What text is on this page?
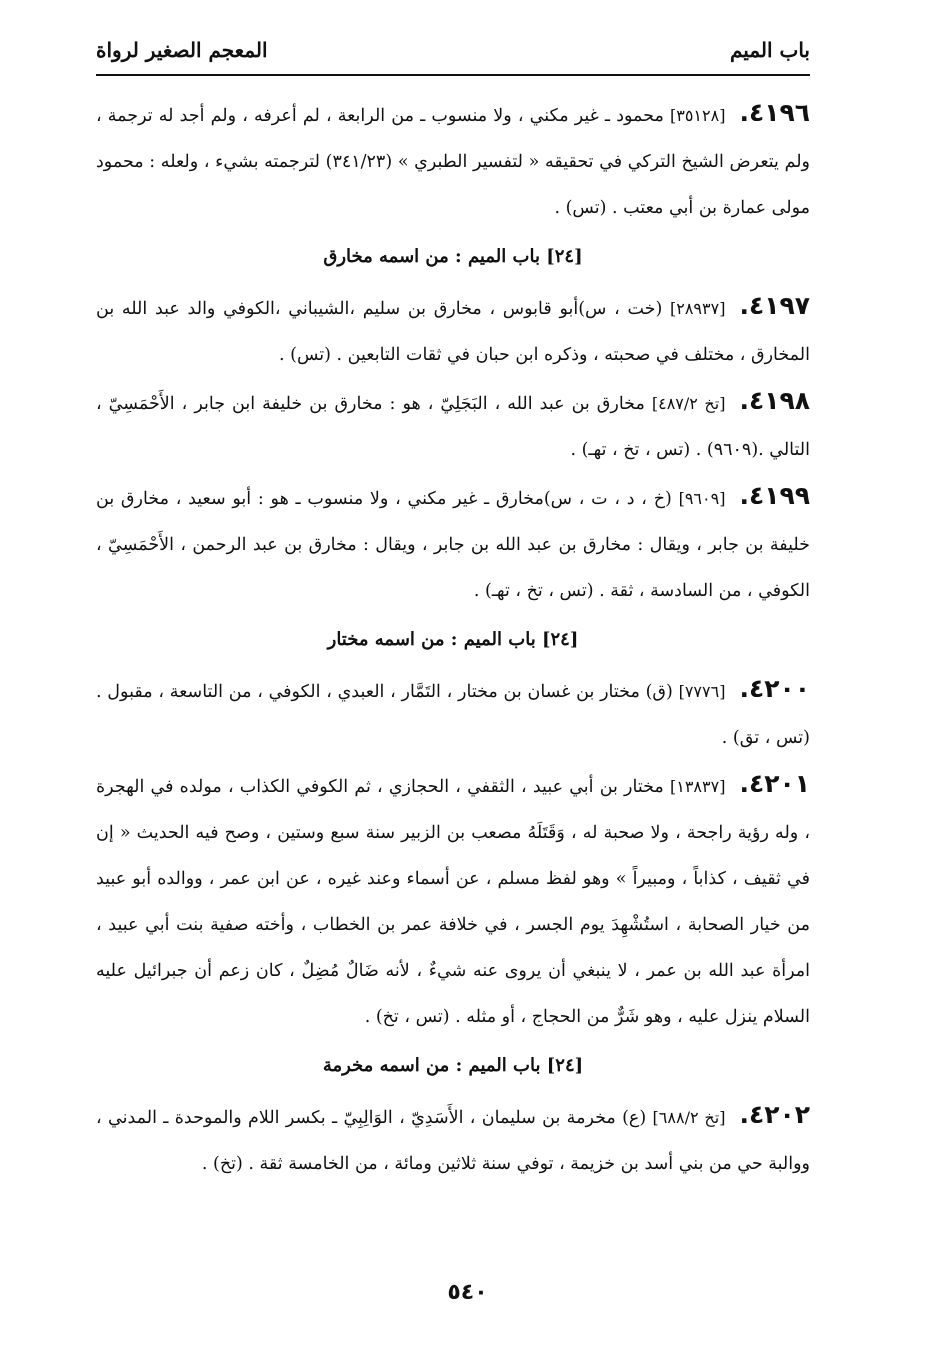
باب الميم
المعجم الصغير لرواة

٤١٩٦.[٣٥١٢٨] محمود ـ غير مكني ، ولا منسوب ـ من الرابعة ، لم أعرفه ، ولم أجد له ترجمة ، ولم يتعرض الشيخ التركي في تحقيقه « لتفسير الطبري » (٣٤١/٢٣) لترجمته بشيء ، ولعله : محمود مولى عمارة بن أبي معتب . (تس) .

[٢٤] باب الميم : من اسمه مخارق

٤١٩٧.[٢٨٩٣٧] (خت ، س)أبو قابوس ، مخارق بن سليم ،الشيباني ،الكوفي والد عبد الله بن المخارق ، مختلف في صحبته ، وذكره ابن حبان في ثقات التابعين . (تس) .

٤١٩٨.[تخ ٤٨٧/٢] مخارق بن عبد الله ، البَجَلِيّ ، هو : مخارق بن خليفة ابن جابر ، الأَحْمَسِيّ ، التالي .(٩٦٠٩) . (تس ، تخ ، تهـ) .

٤١٩٩.[٩٦٠٩] (خ ، د ، ت ، س)مخارق ـ غير مكني ، ولا منسوب ـ هو : أبو سعيد ، مخارق بن خليفة بن جابر ، ويقال : مخارق بن عبد الله بن جابر ، ويقال : مخارق بن عبد الرحمن ، الأَحْمَسِيّ ، الكوفي ، من السادسة ، ثقة . (تس ، تخ ، تهـ) .

[٢٤] باب الميم : من اسمه مختار

٤٢٠٠.[٧٧٧٦] (ق) مختار بن غسان بن مختار ، التَمَّار ، العبدي ، الكوفي ، من التاسعة ، مقبول . (تس ، تق) .

٤٢٠١.[١٣٨٣٧] مختار بن أبي عبيد ، الثقفي ، الحجازي ، ثم الكوفي الكذاب ، مولده في الهجرة ، وله رؤية راجحة ، ولا صحبة له ، وَقَتَلَهُ مصعب بن الزبير سنة سبع وستين ، وصح فيه الحديث « إن في ثقيف ، كذاباً ، ومبيراً » وهو لفظ مسلم ، عن أسماء وعند غيره ، عن ابن عمر ، ووالده أبو عبيد من خيار الصحابة ، استُشْهِدَ يوم الجسر ، في خلافة عمر بن الخطاب ، وأخته صفية بنت أبي عبيد ، امرأة عبد الله بن عمر ، لا ينبغي أن يروى عنه شيءٌ ، لأنه ضَالٌ مُضِلٌ ، كان زعم أن جبرائيل عليه السلام ينزل عليه ، وهو شَرٌّ من الحجاج ، أو مثله . (تس ، تخ) .

[٢٤] باب الميم : من اسمه مخرمة

٤٢٠٢.[تخ ٦٨٨/٢] (ع) مخرمة بن سليمان ، الأَسَدِيّ ، الوَالِبِيّ ـ بكسر اللام والموحدة ـ المدني ، ووالبة حي من بني أسد بن خزيمة ، توفي سنة ثلاثين ومائة ، من الخامسة ثقة . (تخ) .

٥٤٠
